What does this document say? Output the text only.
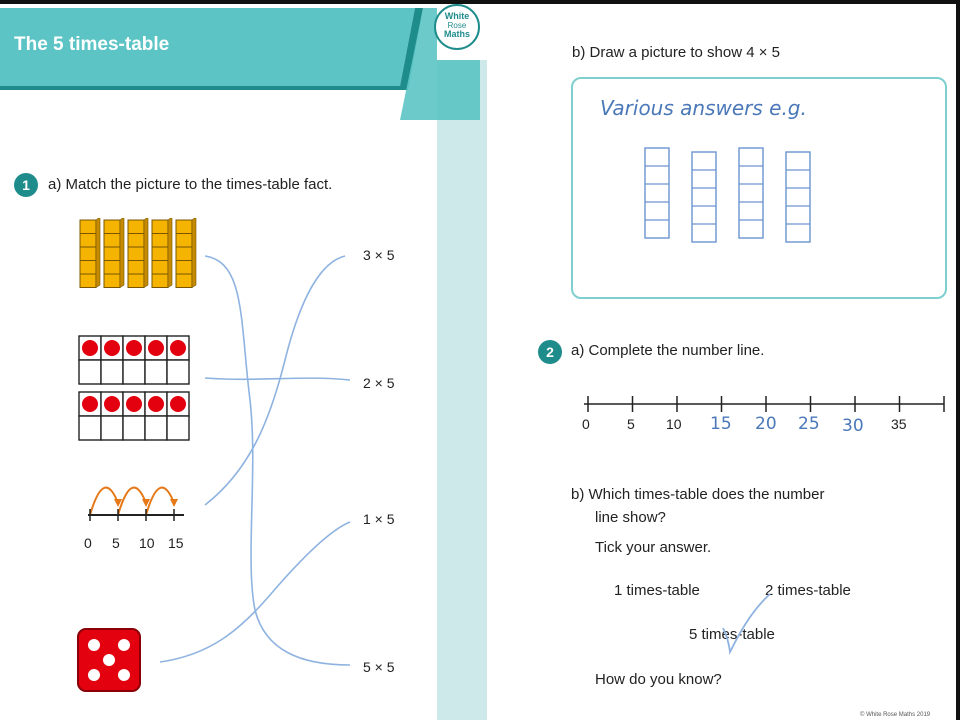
The 5 times-table
White
Rose
Maths
1	a) Match the picture to the times-table fact.
0 5 10 15
3 × 5
2 × 5
1 × 5
5 × 5
b) Draw a picture to show 4 × 5
Various answers e.g.
2	a) Complete the number line.
0	5 10 15 20 25 30 35
b) Which times-table does the number
line show?
Tick your answer.
1 times-table	2 times-table
5 times-table
How do you know?
© White Rose Maths 2019
